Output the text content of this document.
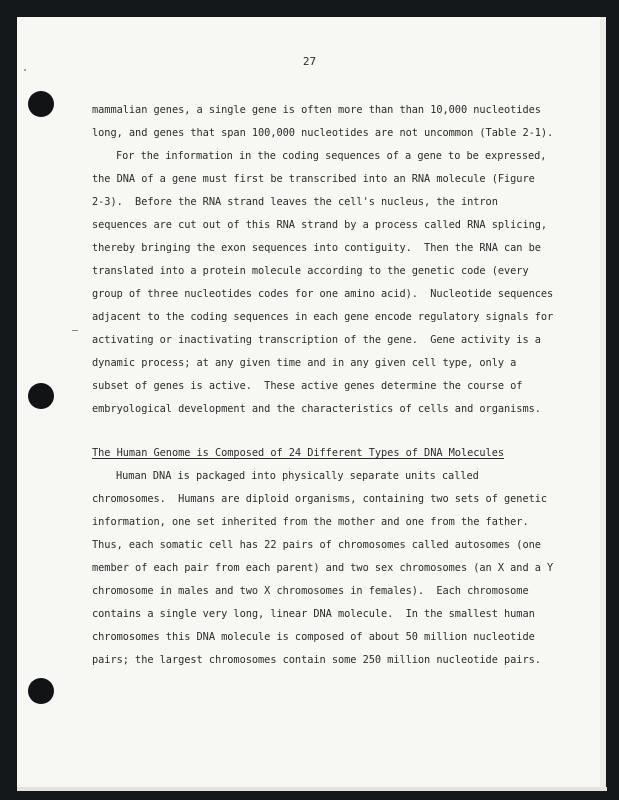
27
mammalian genes, a single gene is often more than than 10,000 nucleotides
long, and genes that span 100,000 nucleotides are not uncommon (Table 2-1).
For the information in the coding sequences of a gene to be expressed,
the DNA of a gene must first be transcribed into an RNA molecule (Figure
2-3).  Before the RNA strand leaves the cell's nucleus, the intron
sequences are cut out of this RNA strand by a process called RNA splicing,
thereby bringing the exon sequences into contiguity.  Then the RNA can be
translated into a protein molecule according to the genetic code (every
group of three nucleotides codes for one amino acid).  Nucleotide sequences
adjacent to the coding sequences in each gene encode regulatory signals for
activating or inactivating transcription of the gene.  Gene activity is a
dynamic process; at any given time and in any given cell type, only a
subset of genes is active.  These active genes determine the course of
embryological development and the characteristics of cells and organisms.
The Human Genome is Composed of 24 Different Types of DNA Molecules
Human DNA is packaged into physically separate units called
chromosomes.  Humans are diploid organisms, containing two sets of genetic
information, one set inherited from the mother and one from the father.
Thus, each somatic cell has 22 pairs of chromosomes called autosomes (one
member of each pair from each parent) and two sex chromosomes (an X and a Y
chromosome in males and two X chromosomes in females).  Each chromosome
contains a single very long, linear DNA molecule.  In the smallest human
chromosomes this DNA molecule is composed of about 50 million nucleotide
pairs; the largest chromosomes contain some 250 million nucleotide pairs.
